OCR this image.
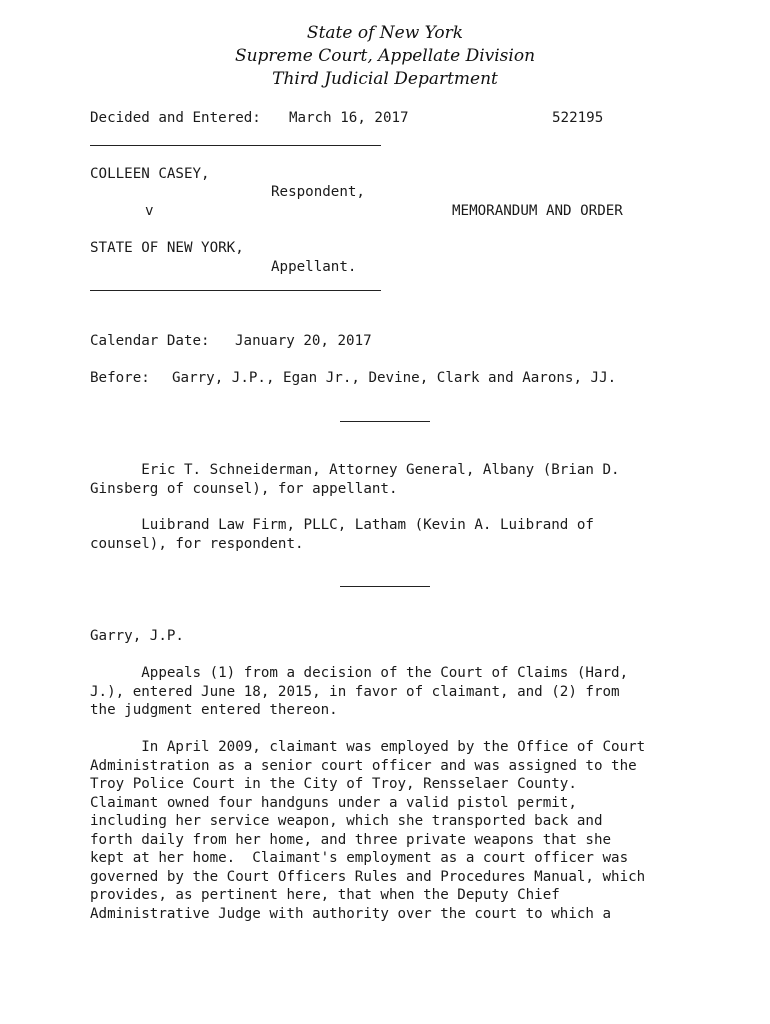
State of New York
Supreme Court, Appellate Division
Third Judicial Department
Decided and Entered: March 16, 2017	522195
COLLEEN CASEY,
Respondent,
v	MEMORANDUM AND ORDER
STATE OF NEW YORK,
Appellant.
Calendar Date: January 20, 2017
Before: Garry, J.P., Egan Jr., Devine, Clark and Aarons, JJ.
Eric T. Schneiderman, Attorney General, Albany (Brian D.
Ginsberg of counsel), for appellant.
Luibrand Law Firm, PLLC, Latham (Kevin A. Luibrand of
counsel), for respondent.
Garry, J.P.
Appeals (1) from a decision of the Court of Claims (Hard,
J.), entered June 18, 2015, in favor of claimant, and (2) from
the judgment entered thereon.
In April 2009, claimant was employed by the Office of Court
Administration as a senior court officer and was assigned to the
Troy Police Court in the City of Troy, Rensselaer County.
Claimant owned four handguns under a valid pistol permit,
including her service weapon, which she transported back and
forth daily from her home, and three private weapons that she
kept at her home.  Claimant's employment as a court officer was
governed by the Court Officers Rules and Procedures Manual, which
provides, as pertinent here, that when the Deputy Chief
Administrative Judge with authority over the court to which a
